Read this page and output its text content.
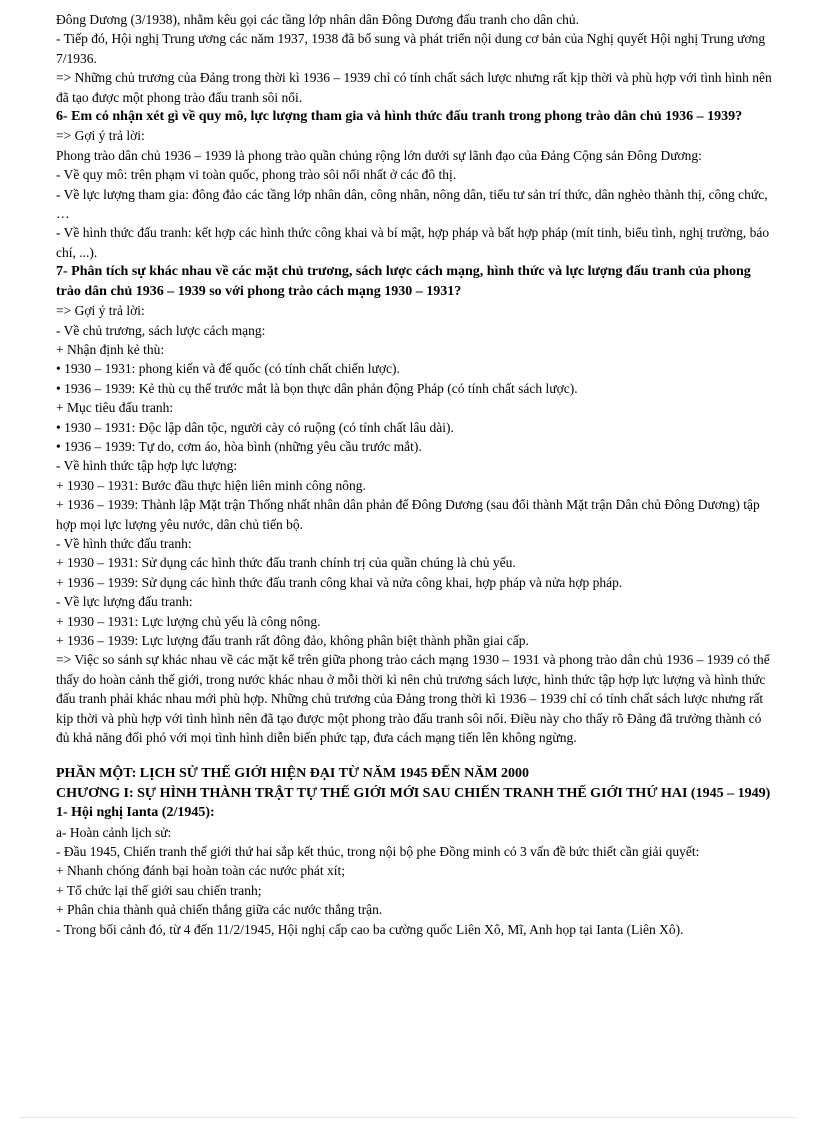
Đông Dương (3/1938), nhằm kêu gọi các tầng lớp nhân dân Đông Dương đấu tranh cho dân chủ.

- Tiếp đó, Hội nghị Trung ương các năm 1937, 1938 đã bổ sung và phát triển nội dung cơ bản của Nghị quyết Hội nghị Trung ương 7/1936.

=> Những chủ trương của Đảng trong thời kì 1936 – 1939 chỉ có tính chất sách lược nhưng rất kịp thời và phù hợp với tình hình nên đã tạo được một phong trào đấu tranh sôi nổi.

6- Em có nhận xét gì về quy mô, lực lượng tham gia và hình thức đấu tranh trong phong trào dân chủ 1936 – 1939?

=> Gợi ý trả lời:

Phong trào dân chủ 1936 – 1939 là phong trào quần chúng rộng lớn dưới sự lãnh đạo của Đảng Cộng sản Đông Dương:

- Về quy mô: trên phạm vi toàn quốc, phong trào sôi nổi nhất ở các đô thị.

- Về lực lượng tham gia: đông đảo các tầng lớp nhân dân, công nhân, nông dân, tiểu tư sản trí thức, dân nghèo thành thị, công chức, …

- Về hình thức đấu tranh: kết hợp các hình thức công khai và bí mật, hợp pháp và bất hợp pháp (mít tinh, biểu tình, nghị trường, báo chí, ...).

7- Phân tích sự khác nhau về các mặt chủ trương, sách lược cách mạng, hình thức và lực lượng đấu tranh của phong trào dân chủ 1936 – 1939 so với phong trào cách mạng 1930 – 1931?

=> Gợi ý trả lời:

- Về chủ trương, sách lược cách mạng:

+ Nhận định kẻ thù:

• 1930 – 1931: phong kiến và đế quốc (có tính chất chiến lược).

• 1936 – 1939: Kẻ thù cụ thể trước mắt là bọn thực dân phản động Pháp (có tính chất sách lược).

+ Mục tiêu đấu tranh:

• 1930 – 1931: Độc lập dân tộc, người cày có ruộng (có tính chất lâu dài).

• 1936 – 1939: Tự do, cơm áo, hòa bình (những yêu cầu trước mắt).

- Về hình thức tập hợp lực lượng:

+ 1930 – 1931: Bước đầu thực hiện liên minh công nông.

+ 1936 – 1939: Thành lập Mặt trận Thống nhất nhân dân phản đế Đông Dương (sau đổi thành Mặt trận Dân chủ Đông Dương) tập hợp mọi lực lượng yêu nước, dân chủ tiến bộ.

- Về hình thức đấu tranh:

+ 1930 – 1931: Sử dụng các hình thức đấu tranh chính trị của quần chúng là chủ yếu.

+ 1936 – 1939: Sử dụng các hình thức đấu tranh công khai và nửa công khai, hợp pháp và nửa hợp pháp.

- Về lực lượng đấu tranh:

+ 1930 – 1931: Lực lượng chủ yếu là công nông.

+ 1936 – 1939: Lực lượng đấu tranh rất đông đảo, không phân biệt thành phần giai cấp.

=> Việc so sánh sự khác nhau về các mặt kể trên giữa phong trào cách mạng 1930 – 1931 và phong trào dân chủ 1936 – 1939 có thể thấy do hoàn cảnh thế giới, trong nước khác nhau ở mỗi thời kì nên chủ trương sách lược, hình thức tập hợp lực lượng và hình thức đấu tranh phải khác nhau mới phù hợp. Những chủ trương của Đảng trong thời kì 1936 – 1939 chỉ có tính chất sách lược nhưng rất kịp thời và phù hợp với tình hình nên đã tạo được một phong trào đấu tranh sôi nổi. Điều này cho thấy rõ Đảng đã trưởng thành có đủ khả năng đối phó với mọi tình hình diễn biến phức tạp, đưa cách mạng tiến lên không ngừng.

PHẦN MỘT: LỊCH SỬ THẾ GIỚI HIỆN ĐẠI TỪ NĂM 1945 ĐẾN NĂM 2000

CHƯƠNG I: SỰ HÌNH THÀNH TRẬT TỰ THẾ GIỚI MỚI SAU CHIẾN TRANH THẾ GIỚI THỨ HAI (1945 – 1949)

1- Hội nghị Ianta (2/1945):

a- Hoàn cảnh lịch sử:

- Đầu 1945, Chiến tranh thế giới thứ hai sắp kết thúc, trong nội bộ phe Đồng minh có 3 vấn đề bức thiết cần giải quyết:

+ Nhanh chóng đánh bại hoàn toàn các nước phát xít;

+ Tổ chức lại thế giới sau chiến tranh;

+ Phân chia thành quả chiến thắng giữa các nước thắng trận.

- Trong bối cảnh đó, từ 4 đến 11/2/1945, Hội nghị cấp cao ba cường quốc Liên Xô, Mĩ, Anh họp tại Ianta (Liên Xô).
